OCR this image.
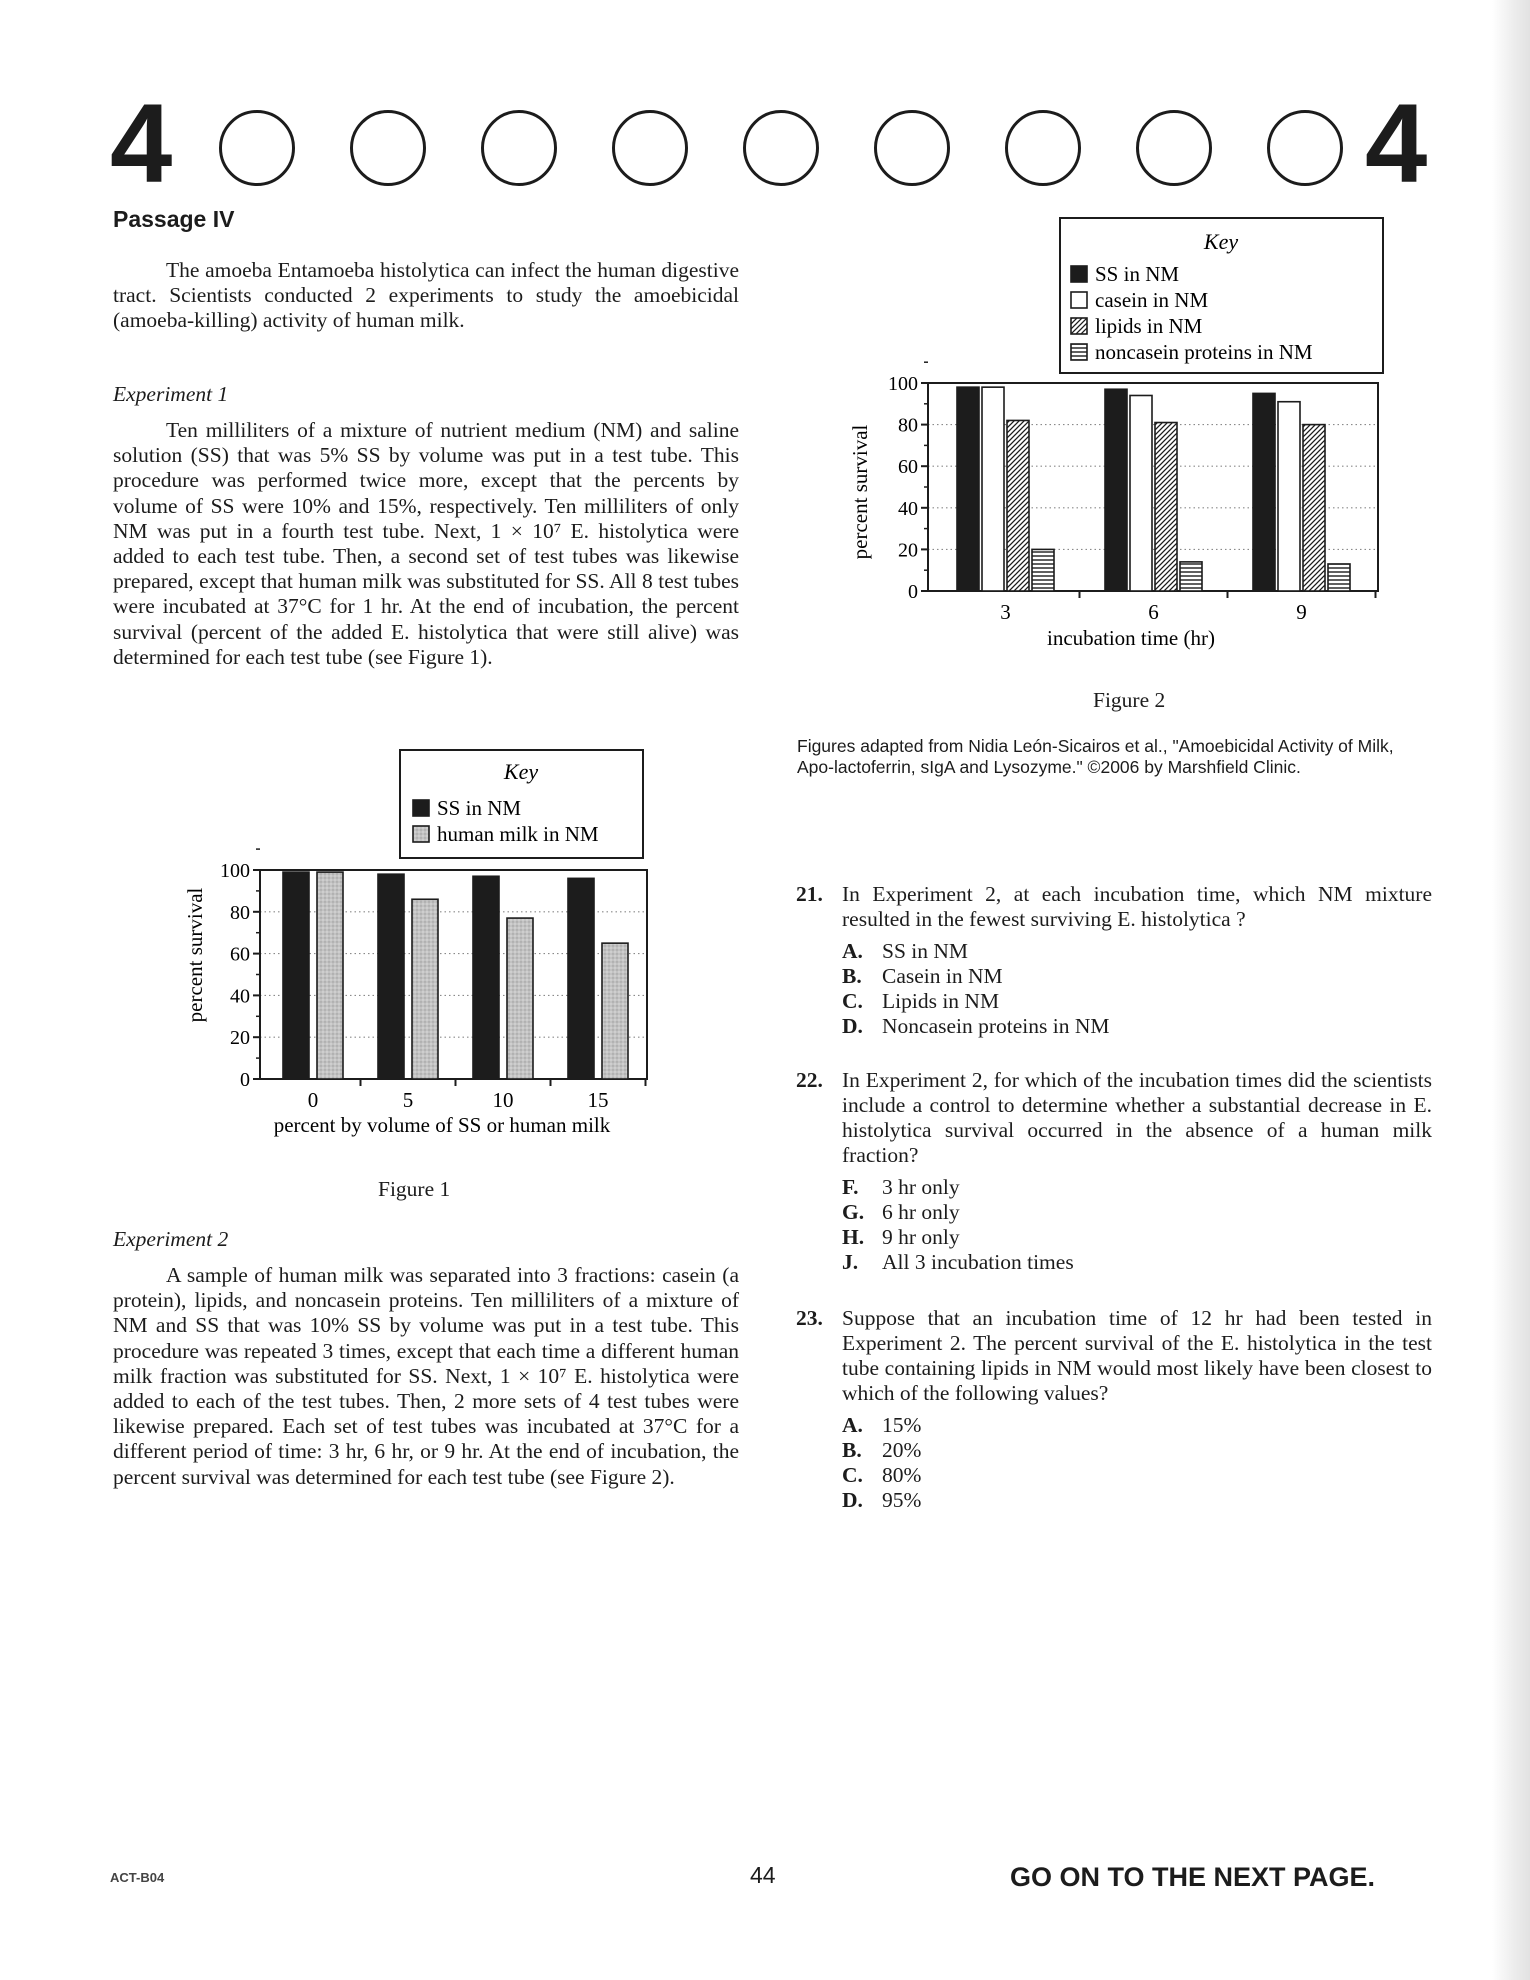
4	4
Passage IV

The amoeba Entamoeba histolytica can infect the human digestive tract. Scientists conducted 2 experiments to study the amoebicidal (amoeba-killing) activity of human milk.

Experiment 1

Ten milliliters of a mixture of nutrient medium (NM) and saline solution (SS) that was 5% SS by volume was put in a test tube. This procedure was performed twice more, except that the percents by volume of SS were 10% and 15%, respectively. Ten milliliters of only NM was put in a fourth test tube. Next, 1 × 10⁷ E. histolytica were added to each test tube. Then, a second set of test tubes was likewise prepared, except that human milk was substituted for SS. All 8 test tubes were incubated at 37°C for 1 hr. At the end of incubation, the percent survival (percent of the added E. histolytica that were still alive) was determined for each test tube (see Figure 1).

Key
SS in NM
human milk in NM
0
20
40
60
80
100
0	5	10	15
percent by volume of SS or human milk
percent survival
Figure 1
Experiment 2

A sample of human milk was separated into 3 fractions: casein (a protein), lipids, and noncasein proteins. Ten milliliters of a mixture of NM and SS that was 10% SS by volume was put in a test tube. This procedure was repeated 3 times, except that each time a different human milk fraction was substituted for SS. Next, 1 × 10⁷ E. histolytica were added to each of the test tubes. Then, 2 more sets of 4 test tubes were likewise prepared. Each set of test tubes was incubated at 37°C for a different period of time: 3 hr, 6 hr, or 9 hr. At the end of incubation, the percent survival was determined for each test tube (see Figure 2).

Key
SS in NM
casein in NM
lipids in NM
noncasein proteins in NM
0
20
40
60
80
100
3	6	9
incubation time (hr)
percent survival
Figure 2
Figures adapted from Nidia León-Sicairos et al., "Amoebicidal Activity of Milk, Apo-lactoferrin, sIgA and Lysozyme." ©2006 by Marshfield Clinic.
21. In Experiment 2, at each incubation time, which NM mixture resulted in the fewest surviving E. histolytica ?
A. SS in NM
B. Casein in NM
C. Lipids in NM
D. Noncasein proteins in NM
22. In Experiment 2, for which of the incubation times did the scientists include a control to determine whether a substantial decrease in E. histolytica survival occurred in the absence of a human milk fraction?
F.	3 hr only
G. 6 hr only
H. 9 hr only
J.	All 3 incubation times
23. Suppose that an incubation time of 12 hr had been tested in Experiment 2. The percent survival of the E. histolytica in the test tube containing lipids in NM would most likely have been closest to which of the following values?
A. 15%
B. 20%
C. 80%
D. 95%
ACT-B04	44	GO ON TO THE NEXT PAGE.
